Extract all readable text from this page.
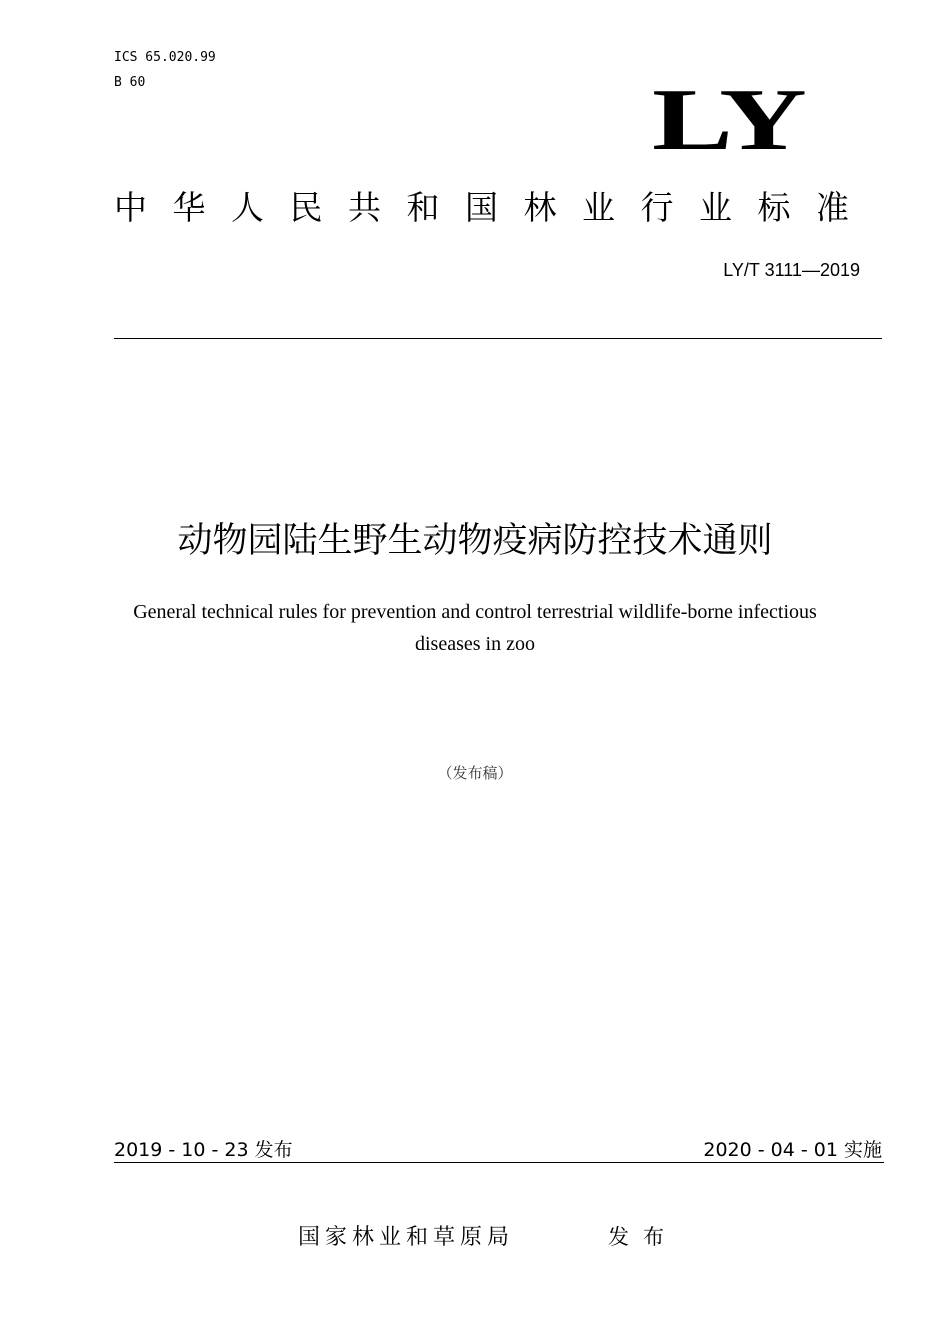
ICS 65.020.99
B 60	LY
中华人民共和国林业行业标准
LY/T 3111—2019
动物园陆生野生动物疫病防控技术通则
General technical rules for prevention and control terrestrial wildlife-borne infectious
diseases in zoo
（发布稿）
2019 - 10 - 23 发布	2020 - 04 - 01 实施
国家林业和草原局	发布
